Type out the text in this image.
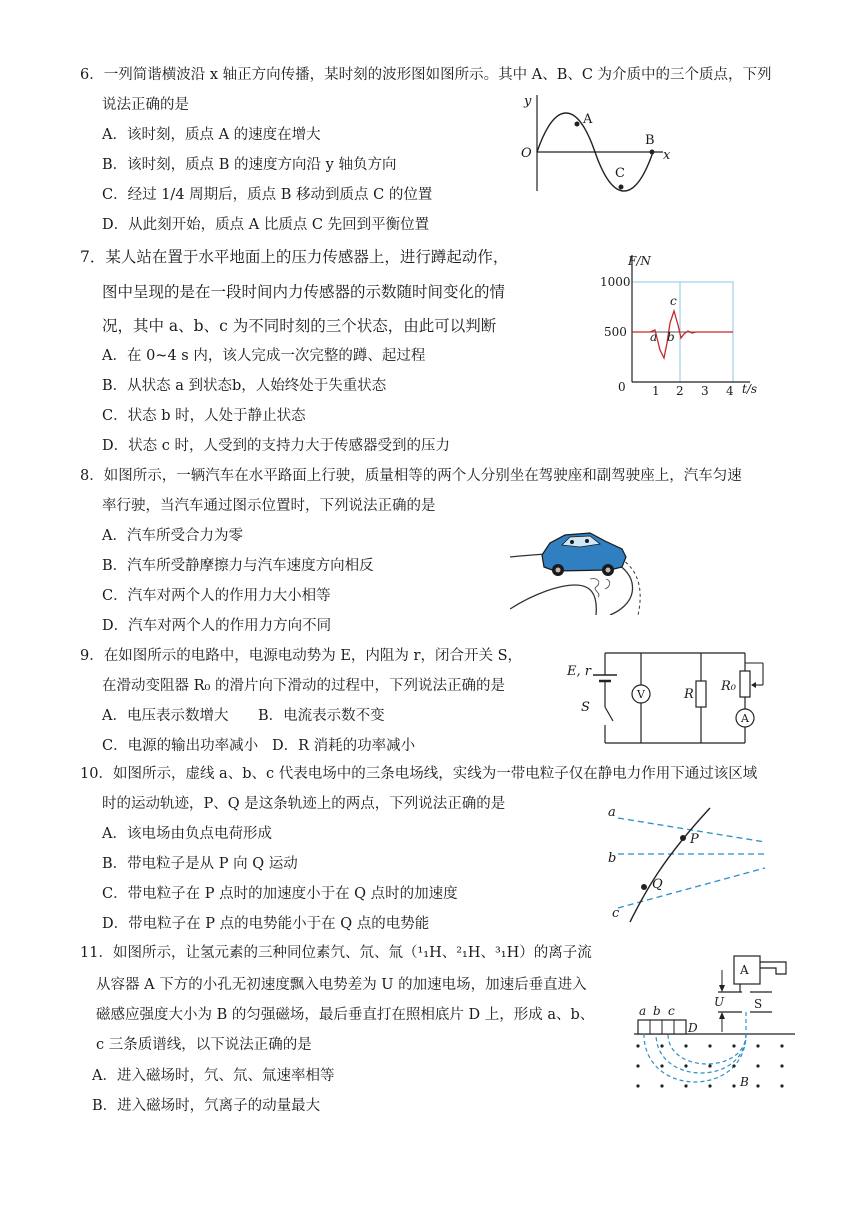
6．一列简谐横波沿 x 轴正方向传播，某时刻的波形图如图所示。其中 A、B、C 为介质中的三个质点，下列
说法正确的是
A．该时刻，质点 A 的速度在增大
B．该时刻，质点 B 的速度方向沿 y 轴负方向
C．经过 1/4 周期后，质点 B 移动到质点 C 的位置
D．从此刻开始，质点 A 比质点 C 先回到平衡位置
y
x
O
A
B
C
7．某人站在置于水平地面上的压力传感器上，进行蹲起动作，
图中呈现的是在一段时间内力传感器的示数随时间变化的情
况，其中 a、b、c 为不同时刻的三个状态，由此可以判断
A．在 0~4 s 内，该人完成一次完整的蹲、起过程
B．从状态 a 到状态b，人始终处于失重状态
C．状态 b 时，人处于静止状态
D．状态 c 时，人受到的支持力大于传感器受到的压力
F/N
t/s
0
1000
500
1 2 3 4
a b
c
8．如图所示，一辆汽车在水平路面上行驶，质量相等的两个人分别坐在驾驶座和副驾驶座上，汽车匀速
率行驶，当汽车通过图示位置时，下列说法正确的是
A．汽车所受合力为零
B．汽车所受静摩擦力与汽车速度方向相反
C．汽车对两个人的作用力大小相等
D．汽车对两个人的作用力方向不同
9．在如图所示的电路中，电源电动势为 E，内阻为 r，闭合开关 S，
在滑动变阻器 R₀ 的滑片向下滑动的过程中，下列说法正确的是
A．电压表示数增大 B．电流表示数不变
C．电源的输出功率减小 D．R 消耗的功率减小
E, r
S
V	R
R₀
A
10．如图所示，虚线 a、b、c 代表电场中的三条电场线，实线为一带电粒子仅在静电力作用下通过该区域
时的运动轨迹，P、Q 是这条轨迹上的两点，下列说法正确的是
A．该电场由负点电荷形成
B．带电粒子是从 P 向 Q 运动
C．带电粒子在 P 点时的加速度小于在 Q 点时的加速度
D．带电粒子在 P 点的电势能小于在 Q 点的电势能
a
b
c
P
Q
11．如图所示，让氢元素的三种同位素氕、氘、氚（¹₁H、²₁H、³₁H）的离子流
从容器 A 下方的小孔无初速度飘入电势差为 U 的加速电场，加速后垂直进入
磁感应强度大小为 B 的匀强磁场，最后垂直打在照相底片 D 上，形成 a、b、
c 三条质谱线，以下说法正确的是
A．进入磁场时，氕、氘、氚速率相等
B．进入磁场时，氕离子的动量最大
A
S
U
a b c
D
B
